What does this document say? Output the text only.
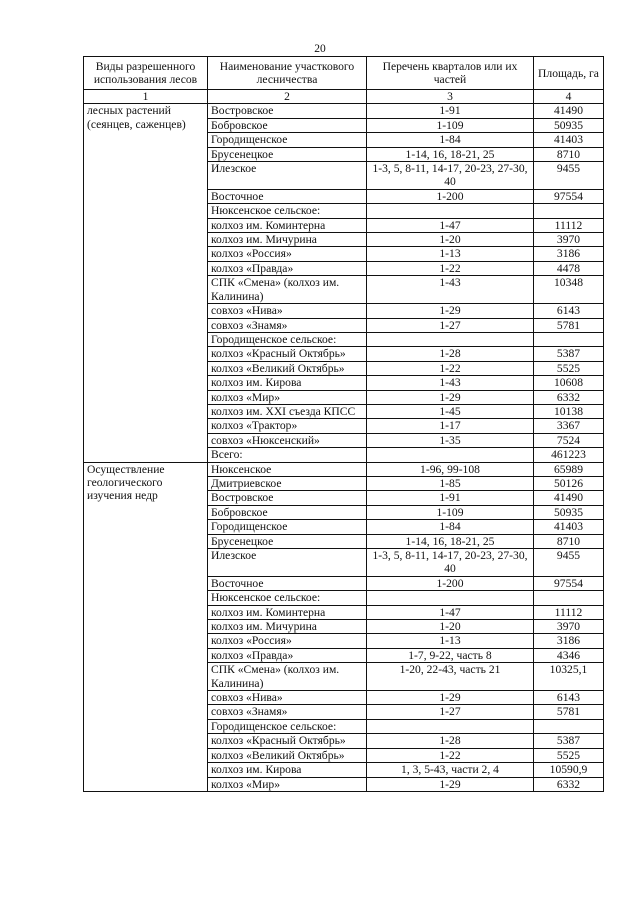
20
Виды разрешенного использования лесов	Наименование участкового лесничества	Перечень кварталов или их частей	Площадь, га
1	2	3	4
лесных растений (сеянцев, саженцев)	Востровское	1-91	41490
	Бобровское	1-109	50935
	Городищенское	1-84	41403
	Брусенецкое	1-14, 16, 18-21, 25	8710
	Илезское	1-3, 5, 8-11, 14-17, 20-23, 27-30, 40	9455
	Восточное	1-200	97554
	Нюксенское сельское:		
	колхоз им. Коминтерна	1-47	11112
	колхоз им. Мичурина	1-20	3970
	колхоз «Россия»	1-13	3186
	колхоз «Правда»	1-22	4478
	СПК «Смена» (колхоз им. Калинина)	1-43	10348
	совхоз «Нива»	1-29	6143
	совхоз «Знамя»	1-27	5781
	Городищенское сельское:		
	колхоз «Красный Октябрь»	1-28	5387
	колхоз «Великий Октябрь»	1-22	5525
	колхоз им. Кирова	1-43	10608
	колхоз «Мир»	1-29	6332
	колхоз им. XXI съезда КПСС	1-45	10138
	колхоз «Трактор»	1-17	3367
	совхоз «Нюксенский»	1-35	7524
	Всего:		461223
Осуществление геологического изучения недр	Нюксенское	1-96, 99-108	65989
	Дмитриевское	1-85	50126
	Востровское	1-91	41490
	Бобровское	1-109	50935
	Городищенское	1-84	41403
	Брусенецкое	1-14, 16, 18-21, 25	8710
	Илезское	1-3, 5, 8-11, 14-17, 20-23, 27-30, 40	9455
	Восточное	1-200	97554
	Нюксенское сельское:		
	колхоз им. Коминтерна	1-47	11112
	колхоз им. Мичурина	1-20	3970
	колхоз «Россия»	1-13	3186
	колхоз «Правда»	1-7, 9-22, часть 8	4346
	СПК «Смена» (колхоз им. Калинина)	1-20, 22-43, часть 21	10325,1
	совхоз «Нива»	1-29	6143
	совхоз «Знамя»	1-27	5781
	Городищенское сельское:		
	колхоз «Красный Октябрь»	1-28	5387
	колхоз «Великий Октябрь»	1-22	5525
	колхоз им. Кирова	1, 3, 5-43, части 2, 4	10590,9
	колхоз «Мир»	1-29	6332
